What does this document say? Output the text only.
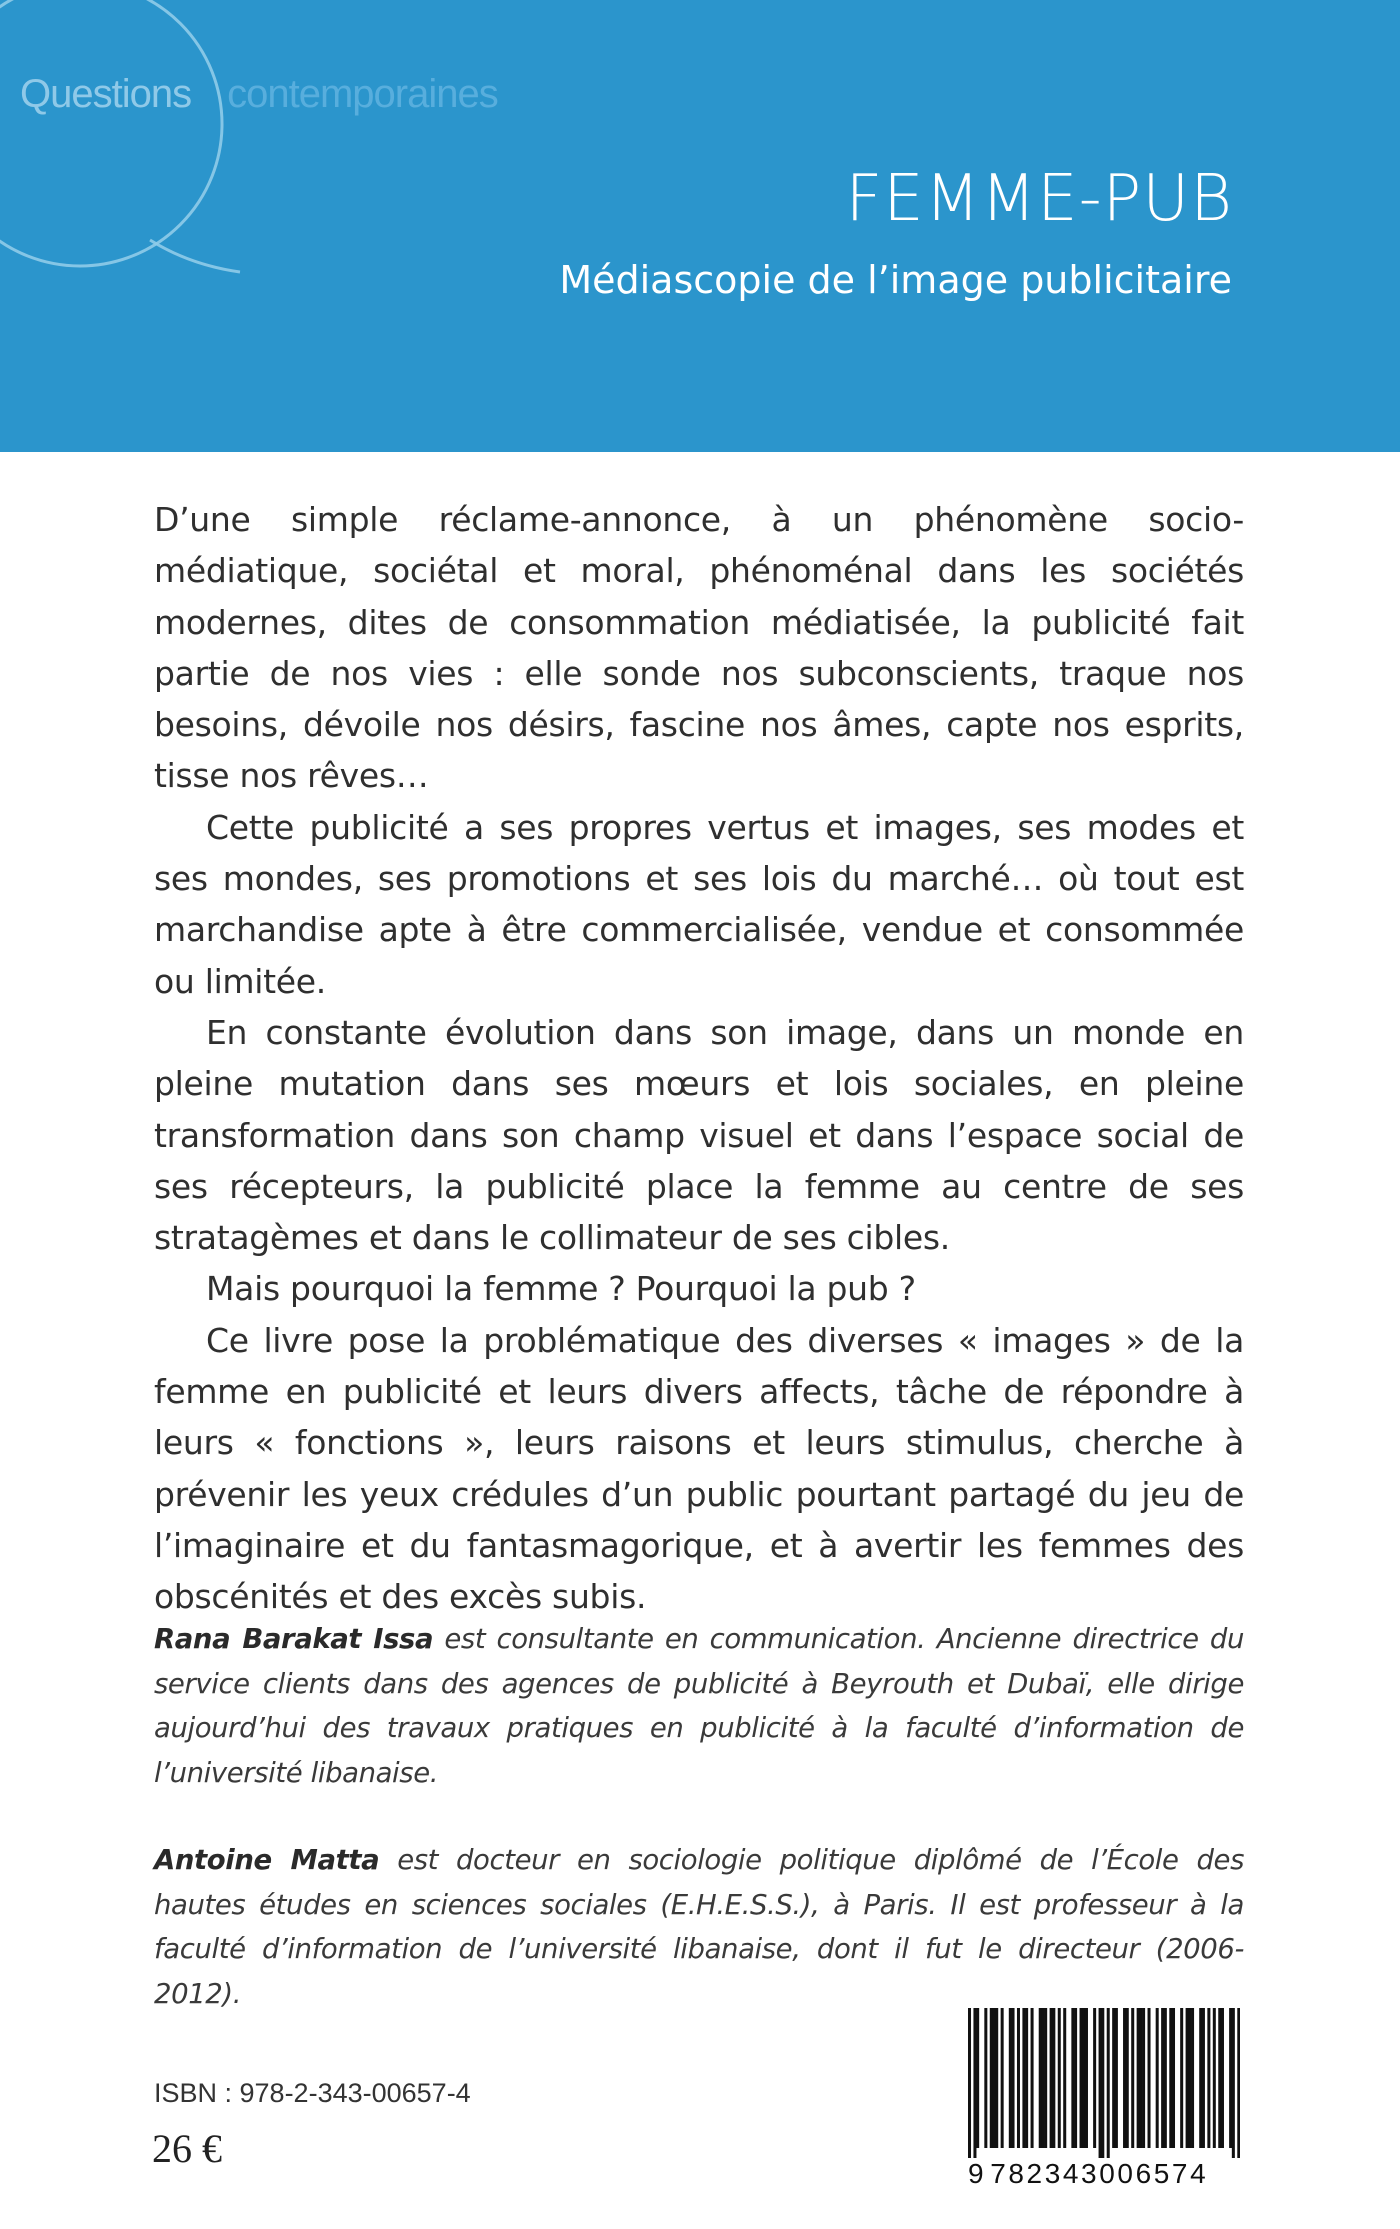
Questions contemporaines
FEMME-PUB
Médiascopie de l’image publicitaire

D’une simple réclame-annonce, à un phénomène socio-médiatique, sociétal et moral, phénoménal dans les sociétés modernes, dites de consommation médiatisée, la publicité fait partie de nos vies : elle sonde nos subconscients, traque nos besoins, dévoile nos désirs, fascine nos âmes, capte nos esprits, tisse nos rêves…

Cette publicité a ses propres vertus et images, ses modes et ses mondes, ses promotions et ses lois du marché… où tout est marchandise apte à être commercialisée, vendue et consommée ou limitée.

En constante évolution dans son image, dans un monde en pleine mutation dans ses mœurs et lois sociales, en pleine transformation dans son champ visuel et dans l’espace social de ses récepteurs, la publicité place la femme au centre de ses stratagèmes et dans le collimateur de ses cibles.

Mais pourquoi la femme ? Pourquoi la pub ?

Ce livre pose la problématique des diverses « images » de la femme en publicité et leurs divers affects, tâche de répondre à leurs « fonctions », leurs raisons et leurs stimulus, cherche à prévenir les yeux crédules d’un public pourtant partagé du jeu de l’imaginaire et du fantasmagorique, et à avertir les femmes des obscénités et des excès subis.

Rana Barakat Issa est consultante en communication. Ancienne directrice du service clients dans des agences de publicité à Beyrouth et Dubaï, elle dirige aujourd’hui des travaux pratiques en publicité à la faculté d’information de l’université libanaise.

Antoine Matta est docteur en sociologie politique diplômé de l’École des hautes études en sciences sociales (E.H.E.S.S.), à Paris. Il est professeur à la faculté d’information de l’université libanaise, dont il fut le directeur (2006-2012).

ISBN : 978-2-343-00657-4
26 €
9 782343006574
